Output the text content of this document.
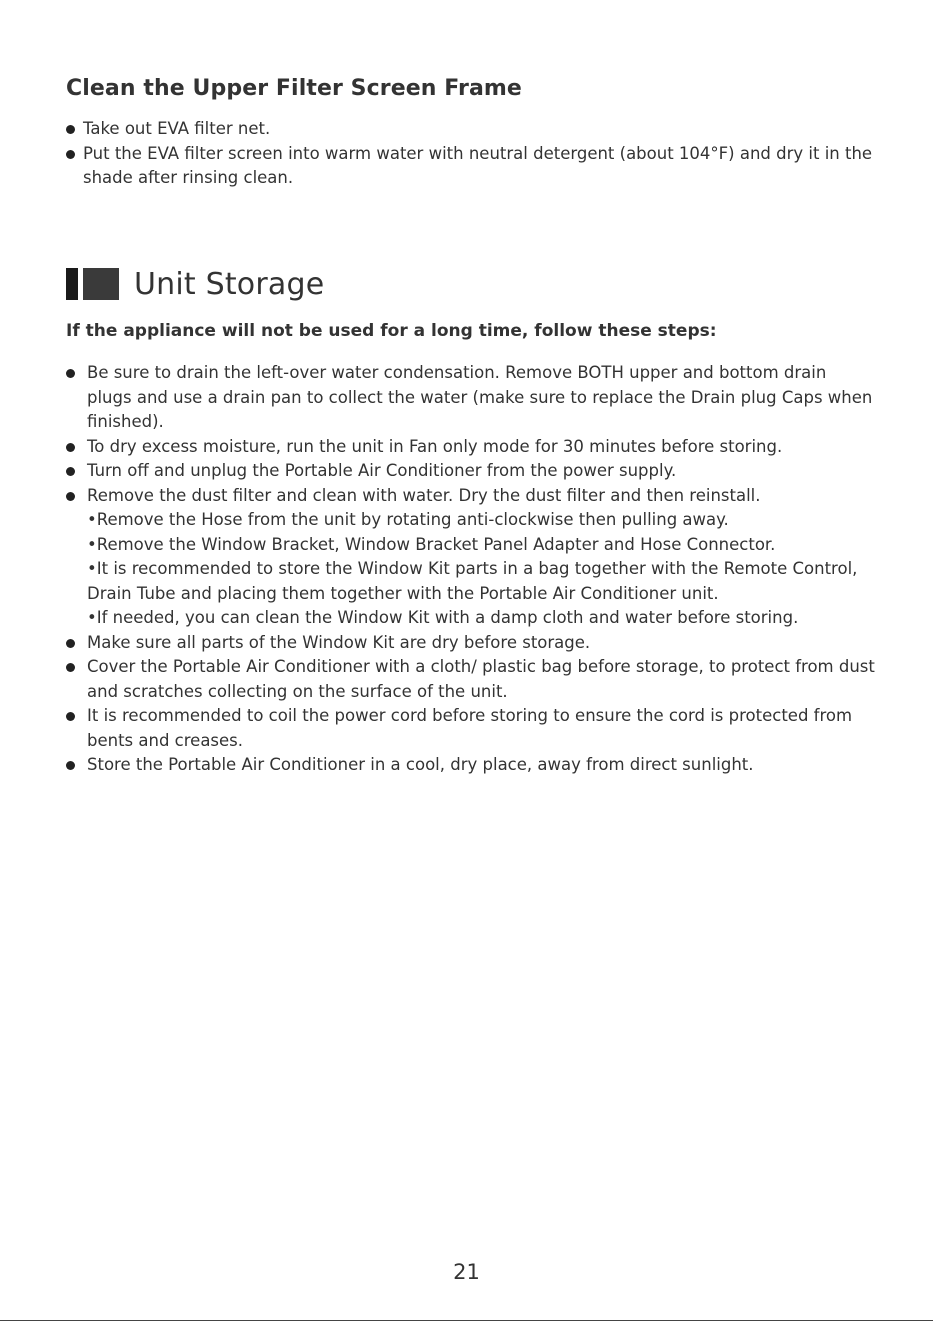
Clean the Upper Filter Screen Frame
Take out EVA filter net.
Put the EVA filter screen into warm water with neutral detergent (about 104°F) and dry it in the shade after rinsing clean.
Unit Storage
If the appliance will not be used for a long time, follow these steps:
Be sure to drain the left-over water condensation. Remove BOTH upper and bottom drain plugs and use a drain pan to collect the water (make sure to replace the Drain plug Caps when finished).
To dry excess moisture, run the unit in Fan only mode for 30 minutes before storing.
Turn off and unplug the Portable Air Conditioner from the power supply.
Remove the dust filter and clean with water. Dry the dust filter and then reinstall.
•Remove the Hose from the unit by rotating anti-clockwise then pulling away.
•Remove the Window Bracket, Window Bracket Panel Adapter and Hose Connector.
•It is recommended to store the Window Kit parts in a bag together with the Remote Control, Drain Tube and placing them together with the Portable Air Conditioner unit.
•If needed, you can clean the Window Kit with a damp cloth and water before storing.
Make sure all parts of the Window Kit are dry before storage.
Cover the Portable Air Conditioner with a cloth/ plastic bag before storage, to protect from dust and scratches collecting on the surface of the unit.
It is recommended to coil the power cord before storing to ensure the cord is protected from bents and creases.
Store the Portable Air Conditioner in a cool, dry place, away from direct sunlight.
21
